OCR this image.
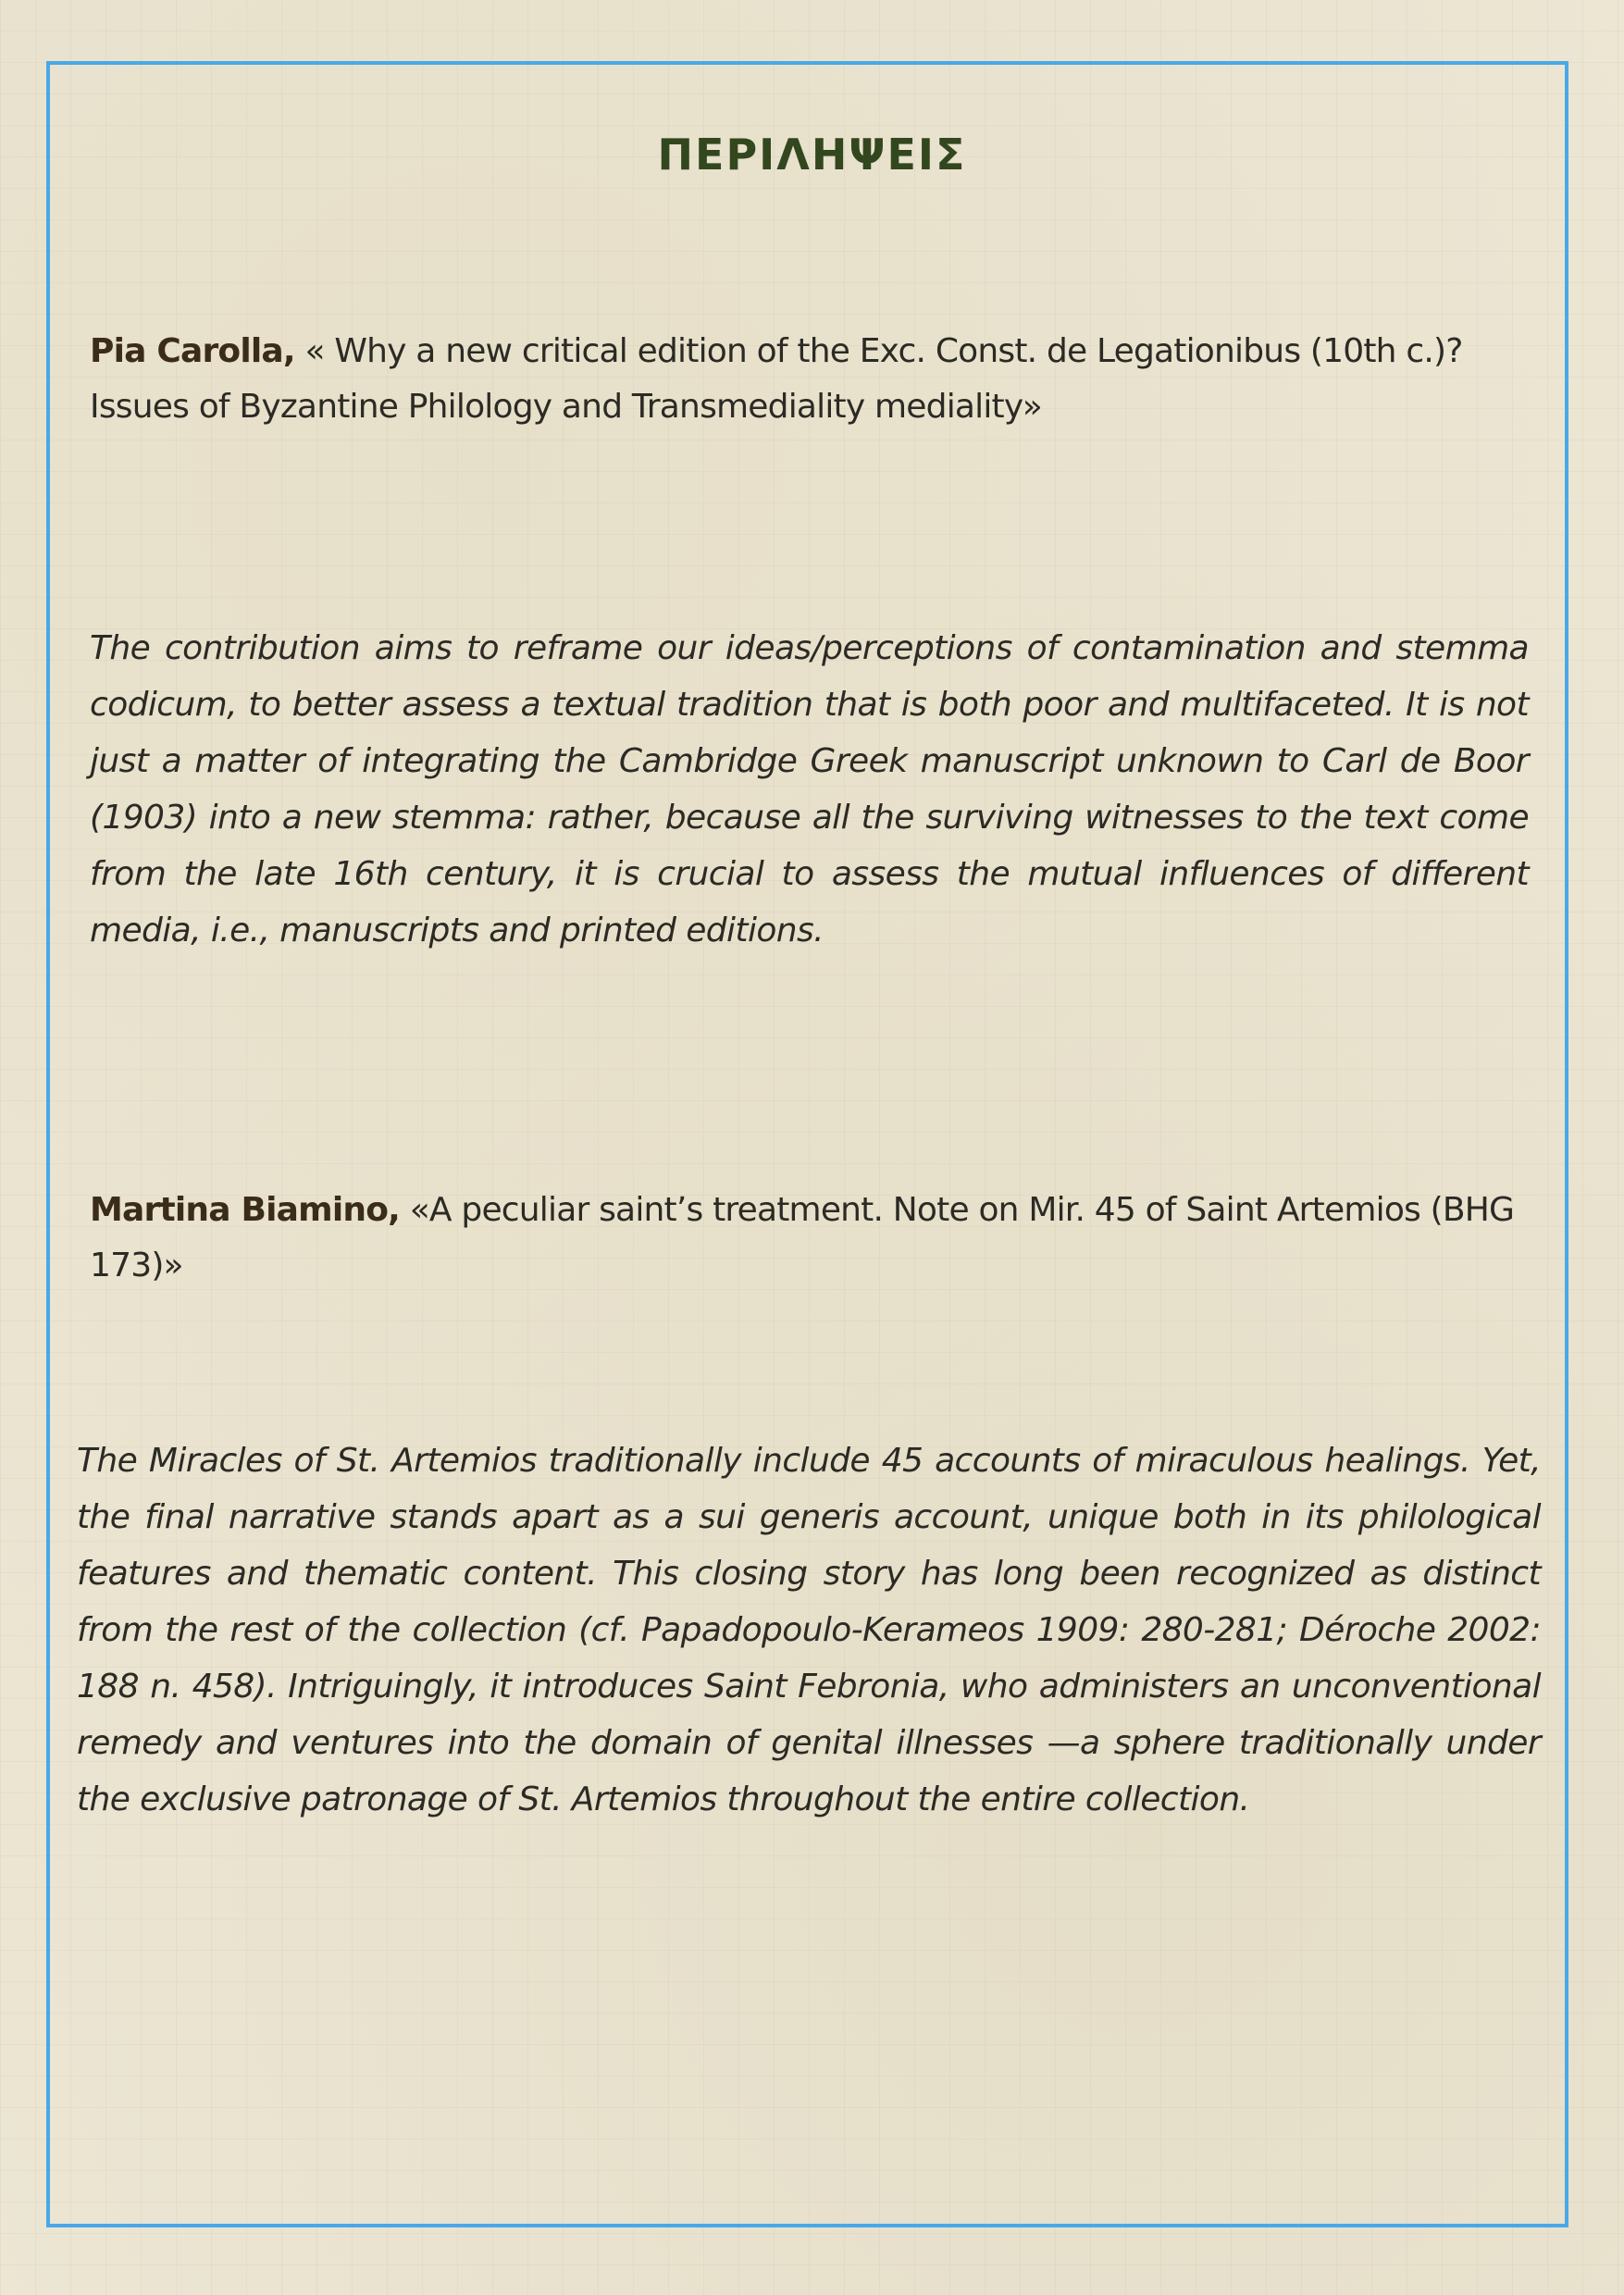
ΠΕΡΙΛΗΨΕΙΣ
Pia Carolla, « Why a new critical edition of the Exc. Const. de Legationibus (10th c.)? Issues of Byzantine Philology and Transmediality mediality»
The contribution aims to reframe our ideas/perceptions of contamination and stemma codicum, to better assess a textual tradition that is both poor and multifaceted. It is not just a matter of integrating the Cambridge Greek manuscript unknown to Carl de Boor (1903) into a new stemma: rather, because all the surviving witnesses to the text come from the late 16th century, it is crucial to assess the mutual influences of different media, i.e., manuscripts and printed editions.
Martina Biamino, «A peculiar saint’s treatment. Note on Mir. 45 of Saint Artemios (BHG 173)»
The Miracles of St. Artemios traditionally include 45 accounts of miraculous healings. Yet, the final narrative stands apart as a sui generis account, unique both in its philological features and thematic content. This closing story has long been recognized as distinct from the rest of the collection (cf. Papadopoulo-Kerameos 1909: 280-281; Déroche 2002: 188 n. 458). Intriguingly, it introduces Saint Febronia, who administers an unconventional remedy and ventures into the domain of genital illnesses —a sphere traditionally under the exclusive patronage of St. Artemios throughout the entire collection.
